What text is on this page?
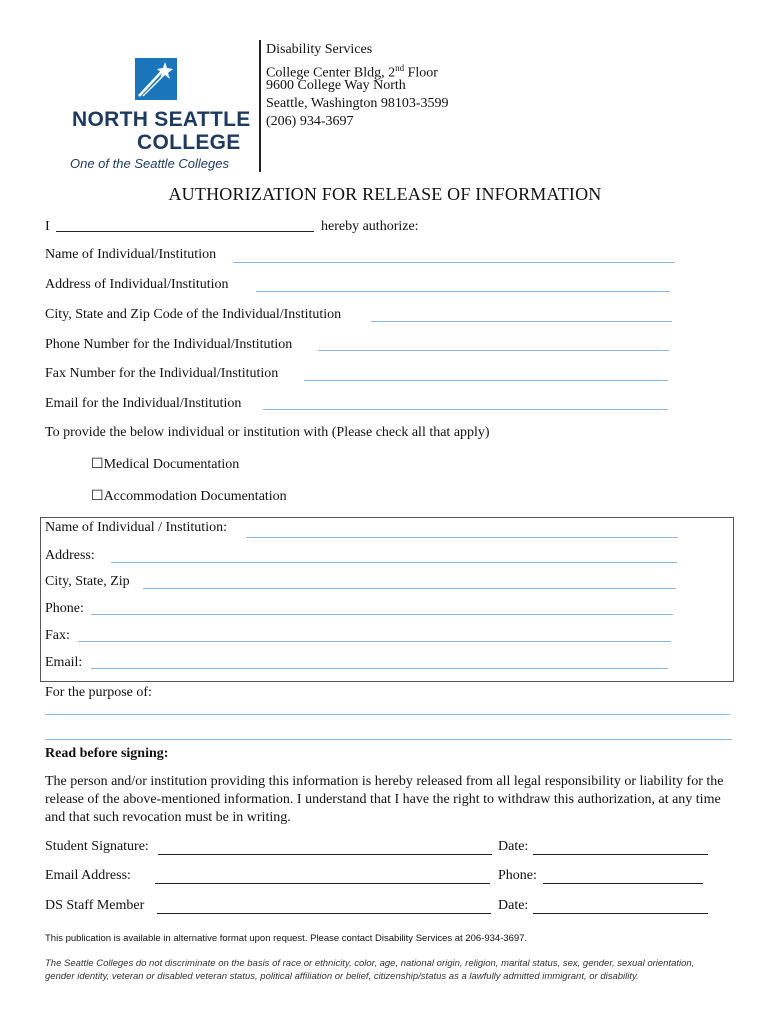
NORTH SEATTLE
COLLEGE
One of the Seattle Colleges
Disability Services
College Center Bldg, 2nd Floor
9600 College Way North
Seattle, Washington 98103-3599
(206) 934-3697
AUTHORIZATION FOR RELEASE OF INFORMATION
I	hereby authorize:
Name of Individual/Institution
Address of Individual/Institution
City, State and Zip Code of the Individual/Institution
Phone Number for the Individual/Institution
Fax Number for the Individual/Institution
Email for the Individual/Institution
To provide the below individual or institution with (Please check all that apply)
☐Medical Documentation
☐Accommodation Documentation
Name of Individual / Institution:
Address:
City, State, Zip
Phone:
Fax:
Email:
For the purpose of:
Read before signing:
The person and/or institution providing this information is hereby released from all legal responsibility or liability for the release of the above-mentioned information. I understand that I have the right to withdraw this authorization, at any time and that such revocation must be in writing.
Student Signature:	Date:
Email Address:	Phone:
DS Staff Member	Date:
This publication is available in alternative format upon request. Please contact Disability Services at 206-934-3697.
The Seattle Colleges do not discriminate on the basis of race or ethnicity, color, age, national origin, religion, marital status, sex, gender, sexual orientation, gender identity, veteran or disabled veteran status, political affiliation or belief, citizenship/status as a lawfully admitted immigrant, or disability.
